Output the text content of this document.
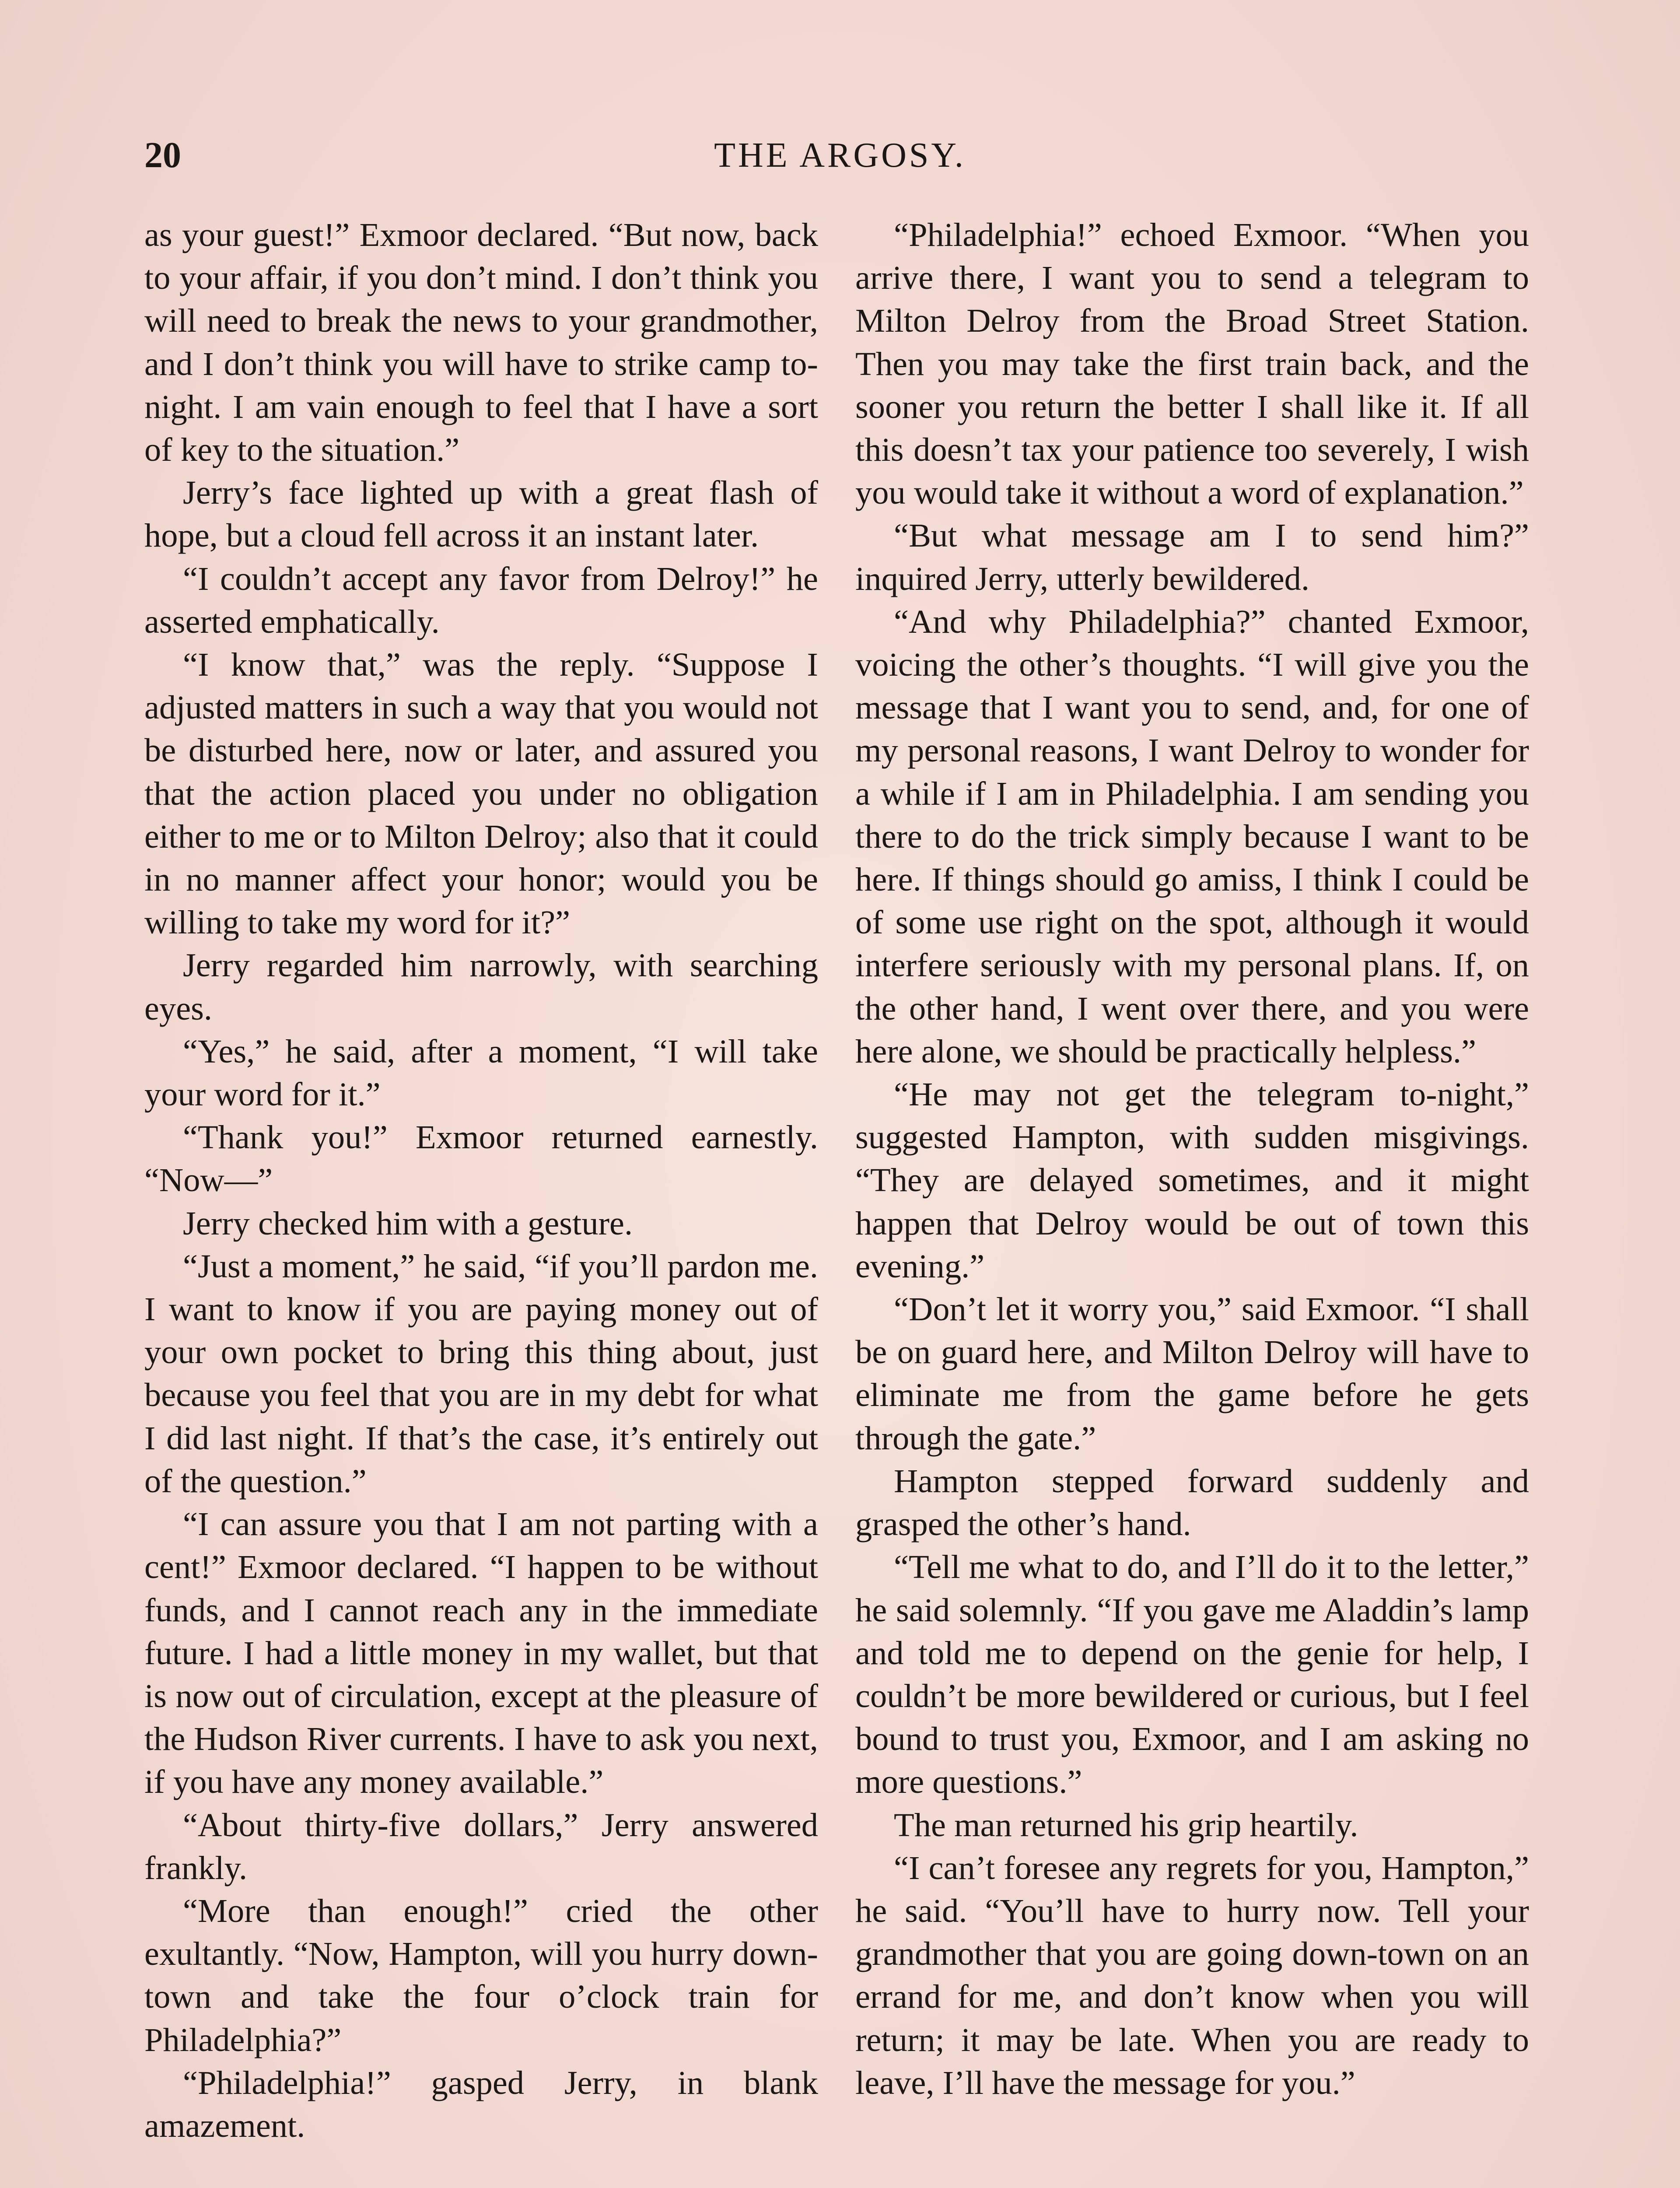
20	THE ARGOSY.

as your guest!” Exmoor declared. “But now, back to your affair, if you don’t mind. I don’t think you will need to break the news to your grandmother, and I don’t think you will have to strike camp to-night. I am vain enough to feel that I have a sort of key to the situation.”

Jerry’s face lighted up with a great flash of hope, but a cloud fell across it an instant later.

“I couldn’t accept any favor from Delroy!” he asserted emphatically.

“I know that,” was the reply. “Suppose I adjusted matters in such a way that you would not be disturbed here, now or later, and assured you that the action placed you under no obligation either to me or to Milton Delroy; also that it could in no manner affect your honor; would you be willing to take my word for it?”

Jerry regarded him narrowly, with searching eyes.

“Yes,” he said, after a moment, “I will take your word for it.”

“Thank you!” Exmoor returned earnestly. “Now—”

Jerry checked him with a gesture.

“Just a moment,” he said, “if you’ll pardon me. I want to know if you are paying money out of your own pocket to bring this thing about, just because you feel that you are in my debt for what I did last night. If that’s the case, it’s entirely out of the question.”

“I can assure you that I am not parting with a cent!” Exmoor declared. “I happen to be without funds, and I cannot reach any in the immediate future. I had a little money in my wallet, but that is now out of circulation, except at the pleasure of the Hudson River currents. I have to ask you next, if you have any money available.”

“About thirty-five dollars,” Jerry answered frankly.

“More than enough!” cried the other exultantly. “Now, Hampton, will you hurry down-town and take the four o’clock train for Philadelphia?”

“Philadelphia!” gasped Jerry, in blank amazement.

“Philadelphia!” echoed Exmoor. “When you arrive there, I want you to send a telegram to Milton Delroy from the Broad Street Station. Then you may take the first train back, and the sooner you return the better I shall like it. If all this doesn’t tax your patience too severely, I wish you would take it without a word of explanation.”

“But what message am I to send him?” inquired Jerry, utterly bewildered.

“And why Philadelphia?” chanted Exmoor, voicing the other’s thoughts. “I will give you the message that I want you to send, and, for one of my personal reasons, I want Delroy to wonder for a while if I am in Philadelphia. I am sending you there to do the trick simply because I want to be here. If things should go amiss, I think I could be of some use right on the spot, although it would interfere seriously with my personal plans. If, on the other hand, I went over there, and you were here alone, we should be practically helpless.”

“He may not get the telegram to-night,” suggested Hampton, with sudden misgivings. “They are delayed sometimes, and it might happen that Delroy would be out of town this evening.”

“Don’t let it worry you,” said Exmoor. “I shall be on guard here, and Milton Delroy will have to eliminate me from the game before he gets through the gate.”

Hampton stepped forward suddenly and grasped the other’s hand.

“Tell me what to do, and I’ll do it to the letter,” he said solemnly. “If you gave me Aladdin’s lamp and told me to depend on the genie for help, I couldn’t be more bewildered or curious, but I feel bound to trust you, Exmoor, and I am asking no more questions.”

The man returned his grip heartily.

“I can’t foresee any regrets for you, Hampton,” he said. “You’ll have to hurry now. Tell your grandmother that you are going down-town on an errand for me, and don’t know when you will return; it may be late. When you are ready to leave, I’ll have the message for you.”
